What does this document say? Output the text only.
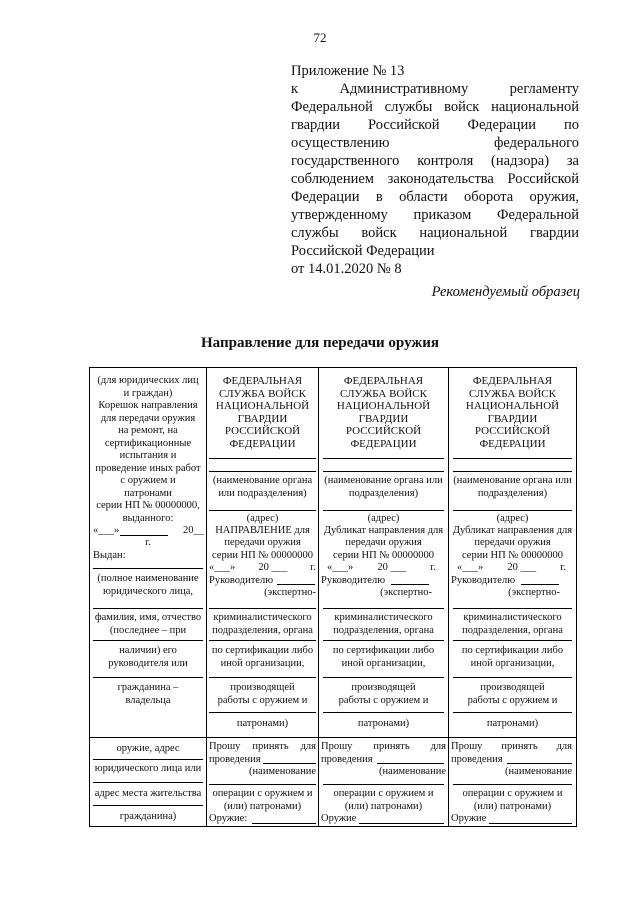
72
Приложение № 13
к Административному регламенту
Федеральной службы войск национальной
гвардии Российской Федерации по
осуществлению федерального
государственного контроля (надзора) за
соблюдением законодательства Российской
Федерации в области оборота оружия,
утвержденному приказом Федеральной
службы войск национальной гвардии
Российской Федерации
от 14.01.2020 № 8
Рекомендуемый образец
Направление для передачи оружия
(для юридических лиц
и граждан)
Корешок направления
для передачи оружия
на ремонт, на
сертификационные
испытания и
проведение иных работ
с оружием и
патронами
серии НП № 00000000,
выданного:
«___»	20__
г.
Выдан:
(полное наименование
юридического лица,
фамилия, имя, отчество
(последнее – при
наличии) его
руководителя или
гражданина –
владельца
оружие, адрес
юридического лица или
адрес места жительства
гражданина)
ФЕДЕРАЛЬНАЯ
СЛУЖБА ВОЙСК
НАЦИОНАЛЬНОЙ
ГВАРДИИ
РОССИЙСКОЙ
ФЕДЕРАЦИИ
(наименование органа
или подразделения)
(адрес)
НАПРАВЛЕНИЕ для
передачи оружия
серии НП № 00000000
«___» 20 ___ г.
Руководителю
(экспертно-
криминалистического
подразделения, органа
по сертификации либо
иной организации,
производящей
работы с оружием и
патронами)
Прошу принять для
проведения
(наименование
операции с оружием и
(или) патронами)
Оружие:
ФЕДЕРАЛЬНАЯ
СЛУЖБА ВОЙСК
НАЦИОНАЛЬНОЙ
ГВАРДИИ
РОССИЙСКОЙ
ФЕДЕРАЦИИ
(наименование органа или
подразделения)
(адрес)
Дубликат направления для
передачи оружия
серии НП № 00000000
«___» 20 ___ г.
Руководителю
(экспертно-
криминалистического
подразделения, органа
по сертификации либо
иной организации,
производящей
работы с оружием и
патронами)
Прошу принять для
проведения
(наименование
операции с оружием и
(или) патронами)
Оружие
ФЕДЕРАЛЬНАЯ
СЛУЖБА ВОЙСК
НАЦИОНАЛЬНОЙ
ГВАРДИИ
РОССИЙСКОЙ
ФЕДЕРАЦИИ
(наименование органа или
подразделения)
(адрес)
Дубликат направления для
передачи оружия
серии НП № 00000000
«___» 20 ___ г.
Руководителю
(экспертно-
криминалистического
подразделения, органа
по сертификации либо
иной организации,
производящей
работы с оружием и
патронами)
Прошу принять для
проведения
(наименование
операции с оружием и
(или) патронами)
Оружие
